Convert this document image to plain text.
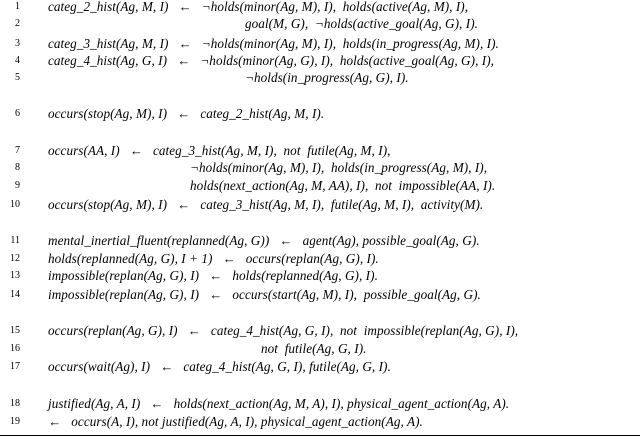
1 categ_2_hist(Ag, M, I)   ←   ¬holds(minor(Ag, M), I),  holds(active(Ag, M), I),
2	goal(M, G),  ¬holds(active_goal(Ag, G), I).
3 categ_3_hist(Ag, M, I)   ←   ¬holds(minor(Ag, M), I),  holds(in_progress(Ag, M), I).
4 categ_4_hist(Ag, G, I)   ←   ¬holds(minor(Ag, G), I),  holds(active_goal(Ag, G), I),
5	¬holds(in_progress(Ag, G), I).
6 occurs(stop(Ag, M), I)   ←   categ_2_hist(Ag, M, I).
7 occurs(AA, I)   ←   categ_3_hist(Ag, M, I),  not  futile(Ag, M, I),
8	¬holds(minor(Ag, M), I),  holds(in_progress(Ag, M), I),
9	holds(next_action(Ag, M, AA), I),  not  impossible(AA, I).
10 occurs(stop(Ag, M), I)   ←   categ_3_hist(Ag, M, I),  futile(Ag, M, I),  activity(M).
11 mental_inertial_fluent(replanned(Ag, G))   ←   agent(Ag), possible_goal(Ag, G).
12 holds(replanned(Ag, G), I + 1)   ←   occurs(replan(Ag, G), I).
13 impossible(replan(Ag, G), I)   ←   holds(replanned(Ag, G), I).
14 impossible(replan(Ag, G), I)   ←   occurs(start(Ag, M), I),  possible_goal(Ag, G).
15 occurs(replan(Ag, G), I)   ←   categ_4_hist(Ag, G, I),  not  impossible(replan(Ag, G), I),
16	not  futile(Ag, G, I).
17 occurs(wait(Ag), I)   ←   categ_4_hist(Ag, G, I), futile(Ag, G, I).
18 justified(Ag, A, I)   ←   holds(next_action(Ag, M, A), I), physical_agent_action(Ag, A).
19 ←   occurs(A, I), not justified(Ag, A, I), physical_agent_action(Ag, A).
